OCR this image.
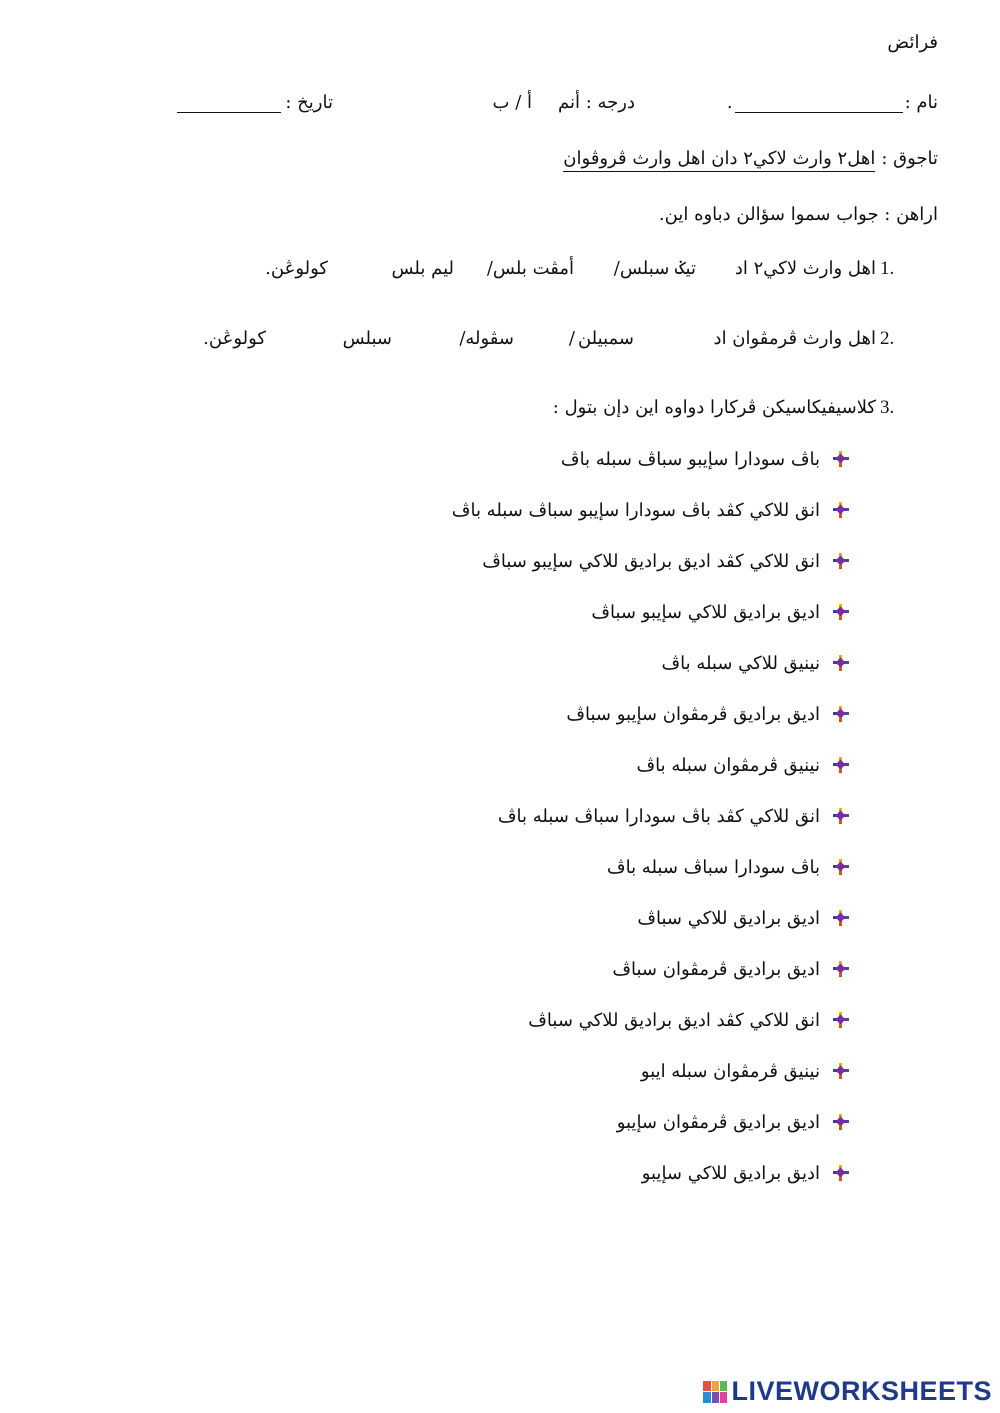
فرائض
نام :
.
درجه : أنم
أ / ب
تاريخ :
تاجوق :
اهل٢ وارث لاکي٢ دان اهل وارث ڤروڤوان
اراهن : جواب سموا سؤالن دباوه اين.
1.
اهل وارث لاکي٢ اد
تيݢ سبلس/
أمڤت بلس/
ليم بلس
کولوڠن.
2.
اهل وارث ڤرمڤوان اد
سمبيلن
/
سڤوله/
سبلس
کولوڠن.
3.
کلاسيفيکاسيکن ڤرکارا دواوه اين دإن بتول :
باڤ سودارا سإيبو سباڤ سبله باڤ
انق للاکي کڤد باڤ سودارا سإيبو سباڤ سبله باڤ
انق للاکي کڤد اديق براديق للاکي سإيبو سباڤ
اديق براديق للاکي سإيبو سباڤ
نينيق للاکي سبله باڤ
اديق براديق ڤرمڤوان سإيبو سباڤ
نينيق ڤرمڤوان سبله باڤ
انق للاکي کڤد باڤ سودارا سباڤ سبله باڤ
باڤ سودارا سباڤ سبله باڤ
اديق براديق للاکي سباڤ
اديق براديق ڤرمڤوان سباڤ
انق للاکي کڤد اديق براديق للاکي سباڤ
نينيق ڤرمڤوان سبله ايبو
اديق براديق ڤرمڤوان سإيبو
اديق براديق للاکي سإيبو
LIVEWORKSHEETS
